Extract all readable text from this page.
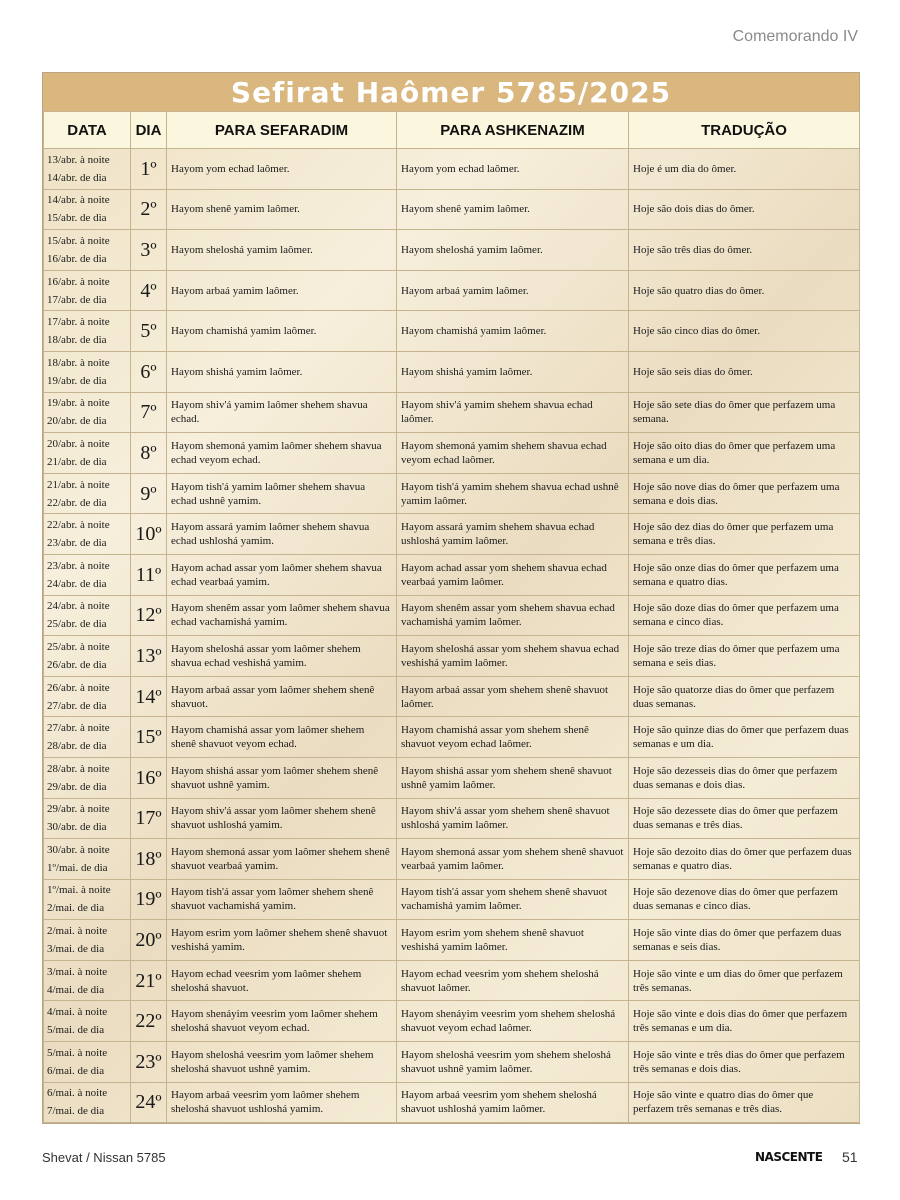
Comemorando IV
Sefirat Haômer 5785/2025
DATA	DIA	PARA SEFARADIM	PARA ASHKENAZIM	TRADUÇÃO

13/abr. à noite
14/abr. de dia	1º	Hayom yom echad laômer.	Hayom yom echad laômer.	Hoje é um dia do ômer.

14/abr. à noite
15/abr. de dia	2º	Hayom shenê yamim laômer.	Hayom shenê yamim laômer.	Hoje são dois dias do ômer.

15/abr. à noite
16/abr. de dia	3º	Hayom sheloshá yamim laômer.	Hayom sheloshá yamim laômer.	Hoje são três dias do ômer.

16/abr. à noite
17/abr. de dia	4º	Hayom arbaá yamim laômer.	Hayom arbaá yamim laômer.	Hoje são quatro dias do ômer.

17/abr. à noite
18/abr. de dia	5º	Hayom chamishá yamim laômer.	Hayom chamishá yamim laômer.	Hoje são cinco dias do ômer.

18/abr. à noite
19/abr. de dia	6º	Hayom shishá yamim laômer.	Hayom shishá yamim laômer.	Hoje são seis dias do ômer.

19/abr. à noite
20/abr. de dia	7º	Hayom shiv'á yamim laômer shehem shavua echad.	Hayom shiv'á yamim shehem shavua echad laômer.	Hoje são sete dias do ômer que perfazem uma semana.

20/abr. à noite
21/abr. de dia	8º	Hayom shemoná yamim laômer shehem shavua echad veyom echad.	Hayom shemoná yamim shehem shavua echad veyom echad laômer.	Hoje são oito dias do ômer que perfazem uma semana e um dia.

21/abr. à noite
22/abr. de dia	9º	Hayom tish'á yamim laômer shehem shavua echad ushnê yamim.	Hayom tish'á yamim shehem shavua echad ushnê yamim laômer.	Hoje são nove dias do ômer que perfazem uma semana e dois dias.

22/abr. à noite
23/abr. de dia	10º	Hayom assará yamim laômer shehem shavua echad ushloshá yamim.	Hayom assará yamim shehem shavua echad ushloshá yamim laômer.	Hoje são dez dias do ômer que perfazem uma semana e três dias.

23/abr. à noite
24/abr. de dia	11º	Hayom achad assar yom laômer shehem shavua echad vearbaá yamim.	Hayom achad assar yom shehem shavua echad vearbaá yamim laômer.	Hoje são onze dias do ômer que perfazem uma semana e quatro dias.

24/abr. à noite
25/abr. de dia	12º	Hayom shenêm assar yom laômer shehem shavua echad vachamishá yamim.	Hayom shenêm assar yom shehem shavua echad vachamishá yamim laômer.	Hoje são doze dias do ômer que perfazem uma semana e cinco dias.

25/abr. à noite
26/abr. de dia	13º	Hayom sheloshá assar yom laômer shehem shavua echad veshishá yamim.	Hayom sheloshá assar yom shehem shavua echad veshishá yamim laômer.	Hoje são treze dias do ômer que perfazem uma semana e seis dias.

26/abr. à noite
27/abr. de dia	14º	Hayom arbaá assar yom laômer shehem shenê shavuot.	Hayom arbaá assar yom shehem shenê shavuot laômer.	Hoje são quatorze dias do ômer que perfazem duas semanas.

27/abr. à noite
28/abr. de dia	15º	Hayom chamishá assar yom laômer shehem shenê shavuot veyom echad.	Hayom chamishá assar yom shehem shenê shavuot veyom echad laômer.	Hoje são quinze dias do ômer que perfazem duas semanas e um dia.

28/abr. à noite
29/abr. de dia	16º	Hayom shishá assar yom laômer shehem shenê shavuot ushnê yamim.	Hayom shishá assar yom shehem shenê shavuot ushnê yamim laômer.	Hoje são dezesseis dias do ômer que perfazem duas semanas e dois dias.

29/abr. à noite
30/abr. de dia	17º	Hayom shiv'á assar yom laômer shehem shenê shavuot ushloshá yamim.	Hayom shiv'á assar yom shehem shenê shavuot ushloshá yamim laômer.	Hoje são dezessete dias do ômer que perfazem duas semanas e três dias.

30/abr. à noite
1º/mai. de dia	18º	Hayom shemoná assar yom laômer shehem shenê shavuot vearbaá yamim.	Hayom shemoná assar yom shehem shenê shavuot vearbaá yamim laômer.	Hoje são dezoito dias do ômer que perfazem duas semanas e quatro dias.

1º/mai. à noite
2/mai. de dia	19º	Hayom tish'á assar yom laômer shehem shenê shavuot vachamishá yamim.	Hayom tish'á assar yom shehem shenê shavuot vachamishá yamim laômer.	Hoje são dezenove dias do ômer que perfazem duas semanas e cinco dias.

2/mai. à noite
3/mai. de dia	20º	Hayom esrim yom laômer shehem shenê shavuot veshishá yamim.	Hayom esrim yom shehem shenê shavuot veshishá yamim laômer.	Hoje são vinte dias do ômer que perfazem duas semanas e seis dias.

3/mai. à noite
4/mai. de dia	21º	Hayom echad veesrim yom laômer shehem sheloshá shavuot.	Hayom echad veesrim yom shehem sheloshá shavuot laômer.	Hoje são vinte e um dias do ômer que perfazem três semanas.

4/mai. à noite
5/mai. de dia	22º	Hayom shenáyim veesrim yom laômer shehem sheloshá shavuot veyom echad.	Hayom shenáyim veesrim yom shehem sheloshá shavuot veyom echad laômer.	Hoje são vinte e dois dias do ômer que perfazem três semanas e um dia.

5/mai. à noite
6/mai. de dia	23º	Hayom sheloshá veesrim yom laômer shehem sheloshá shavuot ushnê yamim.	Hayom sheloshá veesrim yom shehem sheloshá shavuot ushnê yamim laômer.	Hoje são vinte e três dias do ômer que perfazem três semanas e dois dias.

6/mai. à noite
7/mai. de dia	24º	Hayom arbaá veesrim yom laômer shehem sheloshá shavuot ushloshá yamim.	Hayom arbaá veesrim yom shehem sheloshá shavuot ushloshá yamim laômer.	Hoje são vinte e quatro dias do ômer que perfazem três semanas e três dias.
Shevat / Nissan 5785	NASCENTE 51
